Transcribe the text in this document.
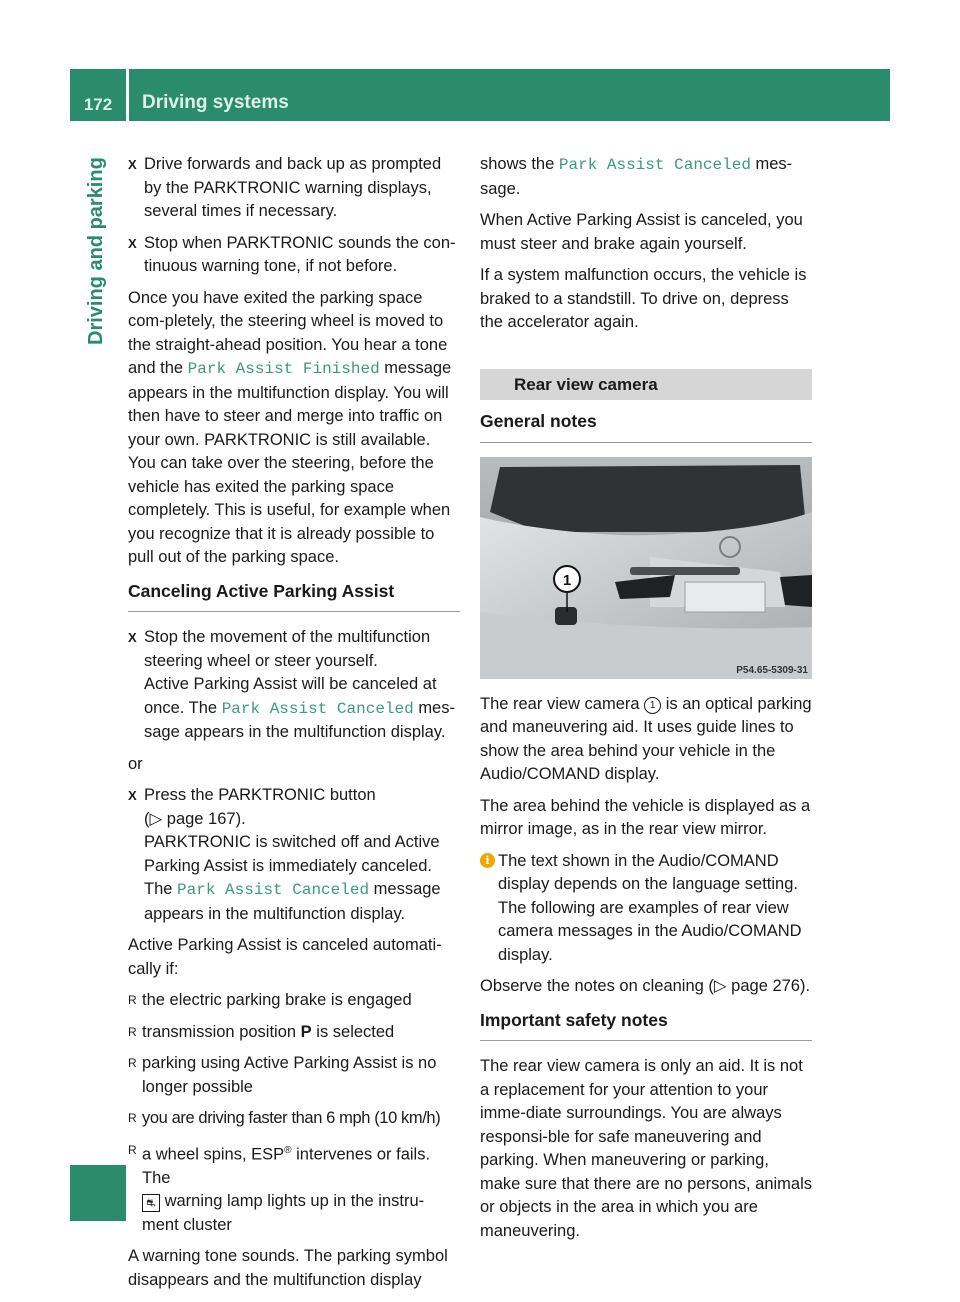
172	Driving systems
Driving and parking X Drive forwards and back up as prompted by the PARKTRONIC warning displays, several times if necessary.
X Stop when PARKTRONIC sounds the con-tinuous warning tone, if not before.

Once you have exited the parking space com-pletely, the steering wheel is moved to the straight-ahead position. You hear a tone and the Park Assist Finished message appears in the multifunction display. You will then have to steer and merge into traffic on your own. PARKTRONIC is still available. You can take over the steering, before the vehicle has exited the parking space completely. This is useful, for example when you recognize that it is already possible to pull out of the parking space.

Canceling Active Parking Assist
X Stop the movement of the multifunction steering wheel or steer yourself.
Active Parking Assist will be canceled at once. The Park Assist Canceled mes-sage appears in the multifunction display.

or

X Press the PARKTRONIC button
(▷ page 167).
PARKTRONIC is switched off and Active Parking Assist is immediately canceled.
The Park Assist Canceled message appears in the multifunction display.

Active Parking Assist is canceled automati-cally if:

R the electric parking brake is engaged
R transmission position P is selected
R parking using Active Parking Assist is no longer possible
R you are driving faster than 6 mph (10 km/h)
R a wheel spins, ESP® intervenes or fails. The
⛐ warning lamp lights up in the instru-ment cluster

A warning tone sounds. The parking symbol disappears and the multifunction display

shows the Park Assist Canceled mes-sage.

When Active Parking Assist is canceled, you must steer and brake again yourself.

If a system malfunction occurs, the vehicle is braked to a standstill. To drive on, depress the accelerator again.

Rear view camera
General notes
1
P54.65-5309-31

The rear view camera 1 is an optical parking and maneuvering aid. It uses guide lines to show the area behind your vehicle in the Audio/COMAND display.

The area behind the vehicle is displayed as a mirror image, as in the rear view mirror.

i The text shown in the Audio/COMAND display depends on the language setting. The following are examples of rear view camera messages in the Audio/COMAND display.

Observe the notes on cleaning (▷ page 276).

Important safety notes

The rear view camera is only an aid. It is not a replacement for your attention to your imme-diate surroundings. You are always responsi-ble for safe maneuvering and parking. When maneuvering or parking, make sure that there are no persons, animals or objects in the area in which you are maneuvering.
